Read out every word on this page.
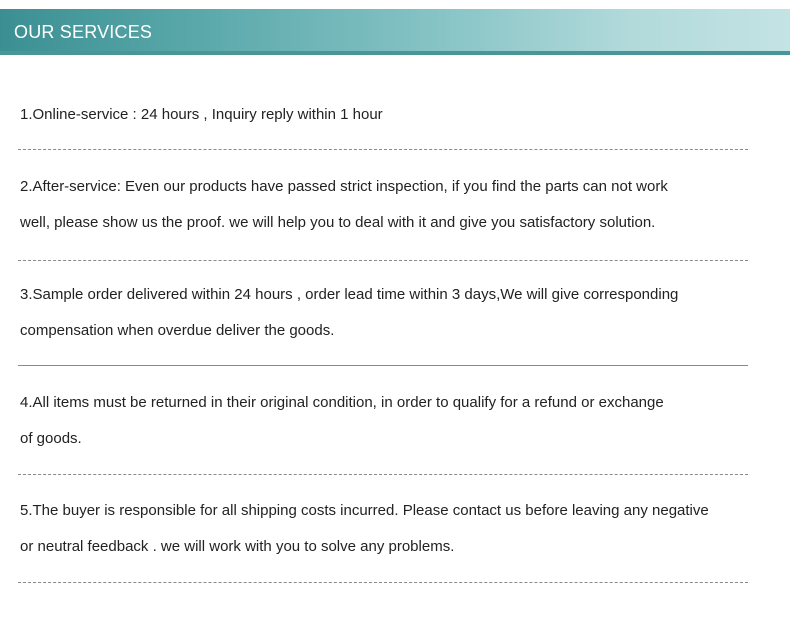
OUR SERVICES
1.Online-service : 24 hours , Inquiry reply within 1 hour
2.After-service: Even our products have passed strict inspection, if you find the parts can not work
well, please show us the proof. we will help you to deal with it and give you satisfactory solution.
3.Sample order delivered within 24 hours , order lead time within 3 days,We will give corresponding
compensation when overdue deliver the goods.
4.All items must be returned in their original condition, in order to qualify for a refund or exchange
of goods.
5.The buyer is responsible for all shipping costs incurred. Please contact us before leaving any negative
or neutral feedback . we will work with you to solve any problems.
